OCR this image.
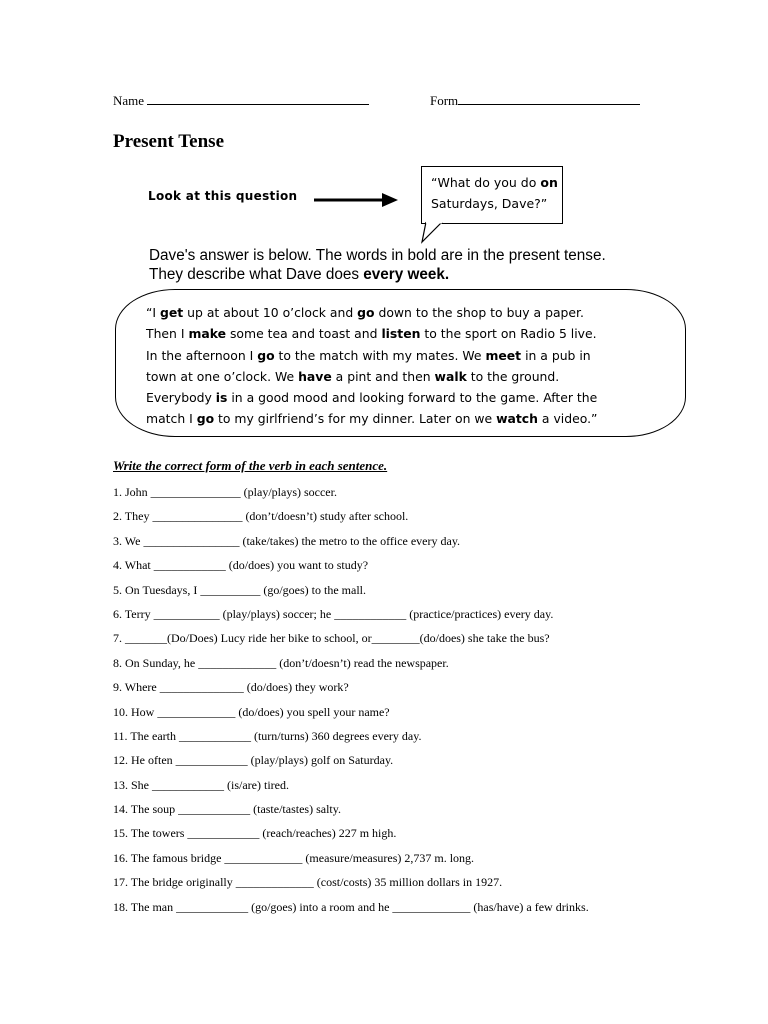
Name	Form
Present Tense
Look at this question
“What do you do on
Saturdays, Dave?”
Dave's answer is below. The words in bold are in the present tense.
They describe what Dave does every week.
“I get up at about 10 o’clock and go down to the shop to buy a paper.
Then I make some tea and toast and listen to the sport on Radio 5 live.
In the afternoon I go to the match with my mates. We meet in a pub in
town at one o’clock. We have a pint and then walk to the ground.
Everybody is in a good mood and looking forward to the game. After the
match I go to my girlfriend’s for my dinner. Later on we watch a video.”
Write the correct form of the verb in each sentence.
1. John _______________ (play/plays) soccer.
2. They _______________ (don’t/doesn’t) study after school.
3. We ________________ (take/takes) the metro to the office every day.
4. What ____________ (do/does) you want to study?
5. On Tuesdays, I __________ (go/goes) to the mall.
6. Terry ___________ (play/plays) soccer; he ____________ (practice/practices) every day.
7. _______(Do/Does) Lucy ride her bike to school, or________(do/does) she take the bus?
8. On Sunday, he _____________ (don’t/doesn’t) read the newspaper.
9. Where ______________ (do/does) they work?
10. How _____________ (do/does) you spell your name?
11. The earth ____________ (turn/turns) 360 degrees every day.
12. He often ____________ (play/plays) golf on Saturday.
13. She ____________ (is/are) tired.
14. The soup ____________ (taste/tastes) salty.
15. The towers ____________ (reach/reaches) 227 m high.
16. The famous bridge _____________ (measure/measures) 2,737 m. long.
17. The bridge originally _____________ (cost/costs) 35 million dollars in 1927.
18. The man ____________ (go/goes) into a room and he _____________ (has/have) a few drinks.
